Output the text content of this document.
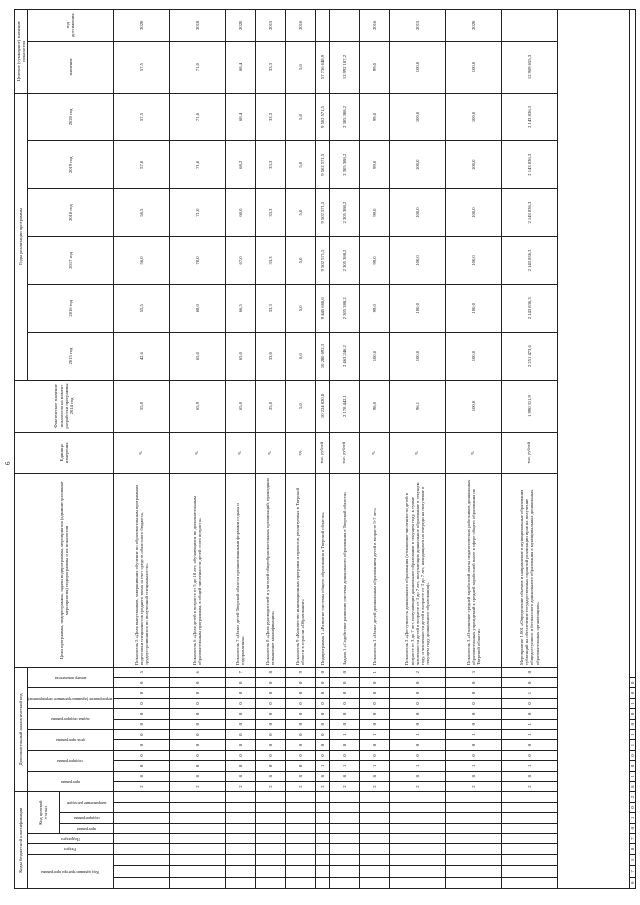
6
Коды бюджетной классификации									Дополнительный аналитический код												Цели программы, подпрограммы, задачи подпрограммы, мероприятия (административные мероприятия) подпрограммы и их показатели	Единица измерения	Фактическое значение показателя на момент разработки программы 2014 год	Годы реализации программы						Целевое (суммарное) значение показателя	

Код администратора программы			Раздел	Подраздел	Код целевой статьи				программа		подпрограмма		цель программы		задача подпрограммы		мероприятие (административное мероприятие)		номер показателя					2015 год	2016 год	2017 год	2018 год	2019 год	2020 год	значение	год достижения

					программа	подпрограмма	направление расходов																								

									2	8	0	0	0	0	0	0	0	0	0	5	Показатель 5 «Доля выпускников, завершивших обучение по образовательным программам подготовки специалистов среднего звена за счет средств областного бюджета, трудоустроившихся по полученной специальности»	%	55,0	42,6	55,5	56,0	56,5	57,0	57,5	57,5	2020
									2	8	0	0	0	0	0	0	0	0	0	6	Показатель 6 «Доля детей в возрасте от 5 до 18 лет, обучающихся по дополнительным образовательным программам, в общей численности детей этого возраста»	%	65,9	65,0	68,0	70,0	71,0	71,0	71,0	71,0	2018
									2	8	0	0	0	0	0	0	0	0	0	7	Показатель 7 «Охват детей Тверской области организованными формами отдыха и оздоровления»	%	65,0	65,0	66,5	67,0	68,0	68,2	68,4	68,4	2020
									2	8	0	0	0	0	0	0	0	0	0	8	Показатель 8 «Доля руководителей и учителей общеобразовательных организаций, прошедших повышение квалификации»	%	25,0	33,0	33,3	33,3	33,3	33,3	33,3	33,3	2015
									2	8	0	0	0	0	0	0	0	0	0	9	Показатель 9 «Количество инновационных программ и проектов, реализуемых в Тверской области в отрасли «Образование»	ед.	5,0	6,0	5,0	5,0	5,0	5,0	5,0	5,0	2016
									2	8	1	0	0	0	0	0	0	0	0	0	Подпрограмма 1 «Развитие системы общего образования в Тверской области»	тыс. рублей	10 224 820,8	10 280 692,3	9 445 660,6	9 502 571,5	9 502 571,5	9 502 571,5	9 502 571,5	57 736 648,9	
									2	8	1	0	0	1	0	0	0	0	0	0	Задача 1 «Содействие развитию системы дошкольного образования в Тверской области»	тыс. рублей	2 178 442,1	2 463 246,2	2 305 388,2	2 305 388,2	2 305 388,2	2 305 388,2	2 305 388,2	13 992 187,2	
									2	8	1	0	0	1	0	0	0	0	0	1	Показатель 1 «Охват детей дошкольным образованием детей в возрасте 5-7 лет»	%	98,0	100,0	99,0	99,0	99,0	99,0	99,0	99,0	2016
									2	8	1	0	0	1	0	0	0	0	0	2	Показатель 2 «Доступность дошкольного образования (отношение численности детей в возрасте от 3 до 7 лет, получающих дошкольное образование в текущем году, к сумме численности детей в возрасте от 3 до 7 лет, получающих дошкольное образование в текущем году, и численности детей в возрасте от 3 до 7 лет, находящихся на очереди на получение в текущем году дошкольного образования)»	%	96,1	100,0	100,0	100,0	100,0	100,0	100,0	100,0	2015
									2	8	1	0	0	1	0	0	0	0	0	3	Показатель 3 «Отношение средней заработной платы педагогических работников дошкольных образовательных учреждений к средней заработной плате в сфере общего образования по Тверской области»	%	100,0	100,0	100,0	100,0	100,0	100,0	100,0	100,0	2020
									2	8	1	0	0	1	1	0	0	1	0	0	Мероприятие 1.001 «Определение объемов и направление в муниципальные образования субвенций на обеспечение государственных гарантий реализации прав на получение общедоступного и бесплатного дошкольного образования в муниципальных дошкольных образовательных организациях»	тыс. рублей	1 990 311,9	2 251 473,6	2 143 836,3	2 143 836,3	2 143 836,3	2 143 836,3	2 143 836,3	12 969 655,3	

0	7	5	0	7	0	1	0	2	8	1	0	0	1	1	0	0	1	0	0												
